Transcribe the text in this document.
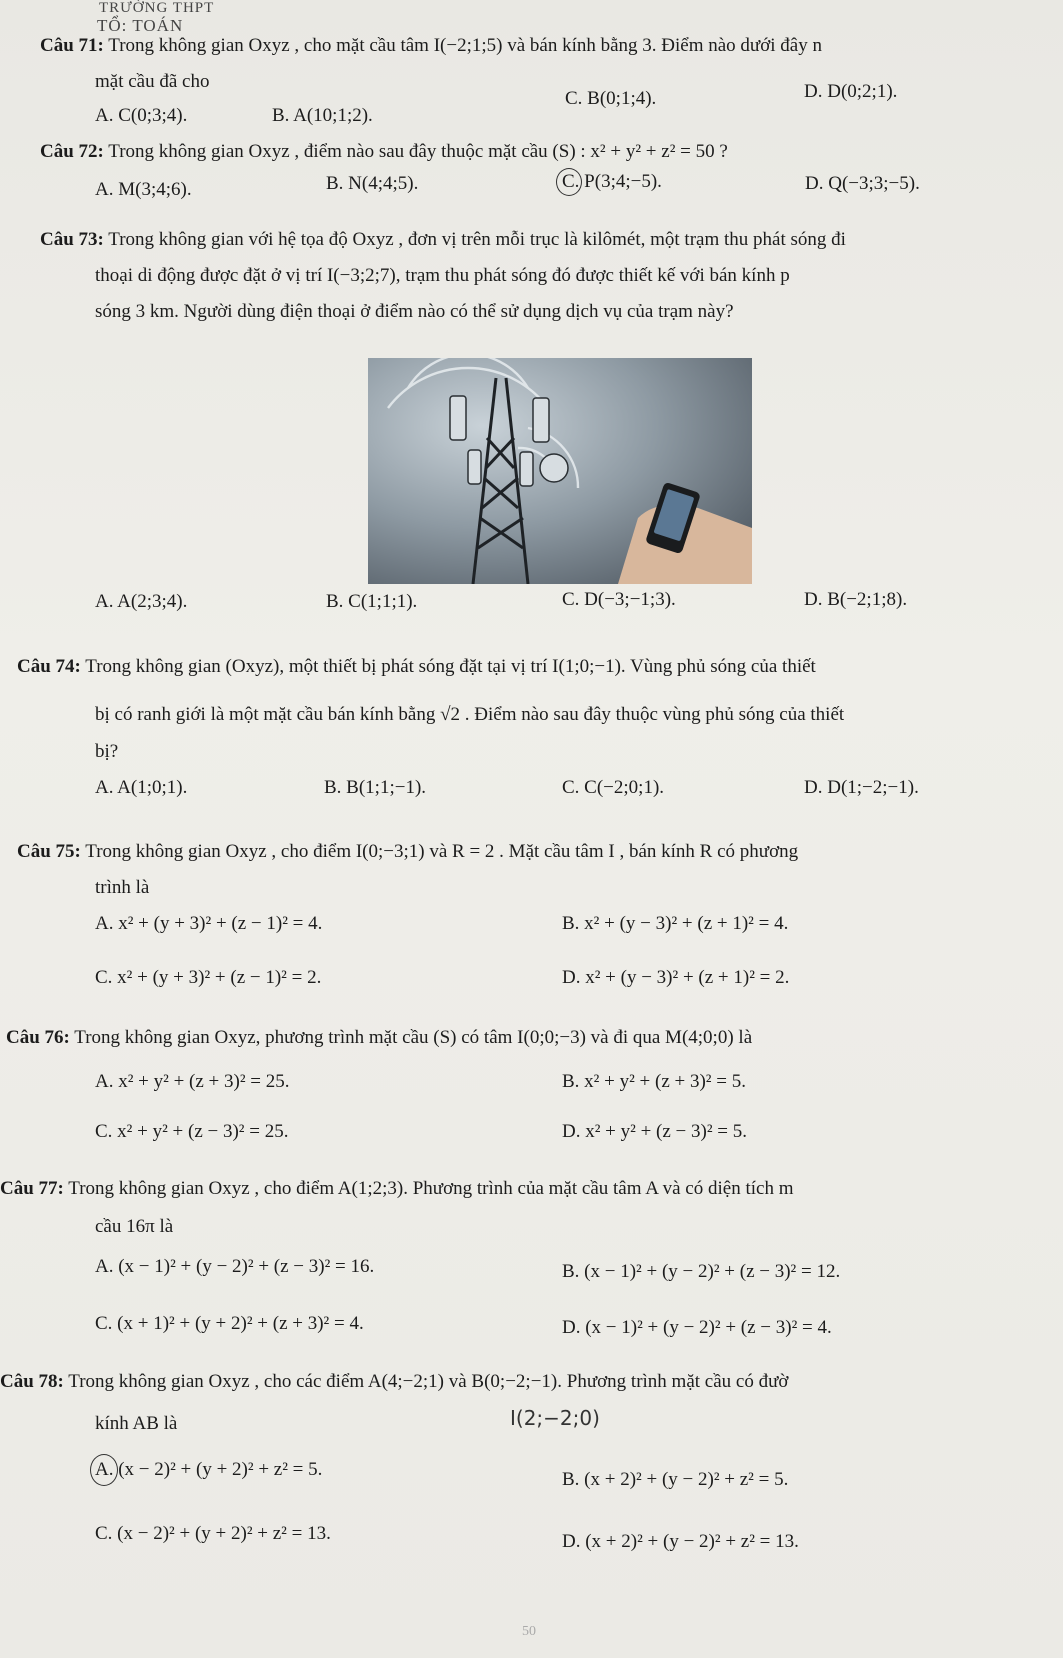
TRƯỜNG THPT
TỔ: TOÁN
Câu 71: Trong không gian Oxyz , cho mặt cầu tâm I(−2;1;5) và bán kính bằng 3. Điểm nào dưới đây n
mặt cầu đã cho
A. C(0;3;4).	B. A(10;1;2).
C. B(0;1;4).	D. D(0;2;1).
Câu 72: Trong không gian Oxyz , điểm nào sau đây thuộc mặt cầu (S) : x² + y² + z² = 50 ?
A. M(3;4;6).	B. N(4;4;5).	C. P(3;4;−5).	D. Q(−3;3;−5).
Câu 73: Trong không gian với hệ tọa độ Oxyz , đơn vị trên mỗi trục là kilômét, một trạm thu phát sóng đi
thoại di động được đặt ở vị trí I(−3;2;7), trạm thu phát sóng đó được thiết kế với bán kính p
sóng 3 km. Người dùng điện thoại ở điểm nào có thể sử dụng dịch vụ của trạm này?
A. A(2;3;4).	B. C(1;1;1).	C. D(−3;−1;3).	D. B(−2;1;8).
Câu 74: Trong không gian (Oxyz), một thiết bị phát sóng đặt tại vị trí I(1;0;−1). Vùng phủ sóng của thiết
bị có ranh giới là một mặt cầu bán kính bằng √2 . Điểm nào sau đây thuộc vùng phủ sóng của thiết
bị?
A. A(1;0;1).	B. B(1;1;−1).	C. C(−2;0;1).	D. D(1;−2;−1).
Câu 75: Trong không gian Oxyz , cho điểm I(0;−3;1) và R = 2 . Mặt cầu tâm I , bán kính R có phương
trình là
A. x² + (y + 3)² + (z − 1)² = 4.	B. x² + (y − 3)² + (z + 1)² = 4.
C. x² + (y + 3)² + (z − 1)² = 2.	D. x² + (y − 3)² + (z + 1)² = 2.
Câu 76: Trong không gian Oxyz, phương trình mặt cầu (S) có tâm I(0;0;−3) và đi qua M(4;0;0) là
A. x² + y² + (z + 3)² = 25.	B. x² + y² + (z + 3)² = 5.
C. x² + y² + (z − 3)² = 25.	D. x² + y² + (z − 3)² = 5.
Câu 77: Trong không gian Oxyz , cho điểm A(1;2;3). Phương trình của mặt cầu tâm A và có diện tích m
cầu 16π là
A. (x − 1)² + (y − 2)² + (z − 3)² = 16.	B. (x − 1)² + (y − 2)² + (z − 3)² = 12.
C. (x + 1)² + (y + 2)² + (z + 3)² = 4.	D. (x − 1)² + (y − 2)² + (z − 3)² = 4.
Câu 78: Trong không gian Oxyz , cho các điểm A(4;−2;1) và B(0;−2;−1). Phương trình mặt cầu có đườ
kính AB là	I(2;−2;0)
A. (x − 2)² + (y + 2)² + z² = 5.	B. (x + 2)² + (y − 2)² + z² = 5.
C. (x − 2)² + (y + 2)² + z² = 13.	D. (x + 2)² + (y − 2)² + z² = 13.
50
